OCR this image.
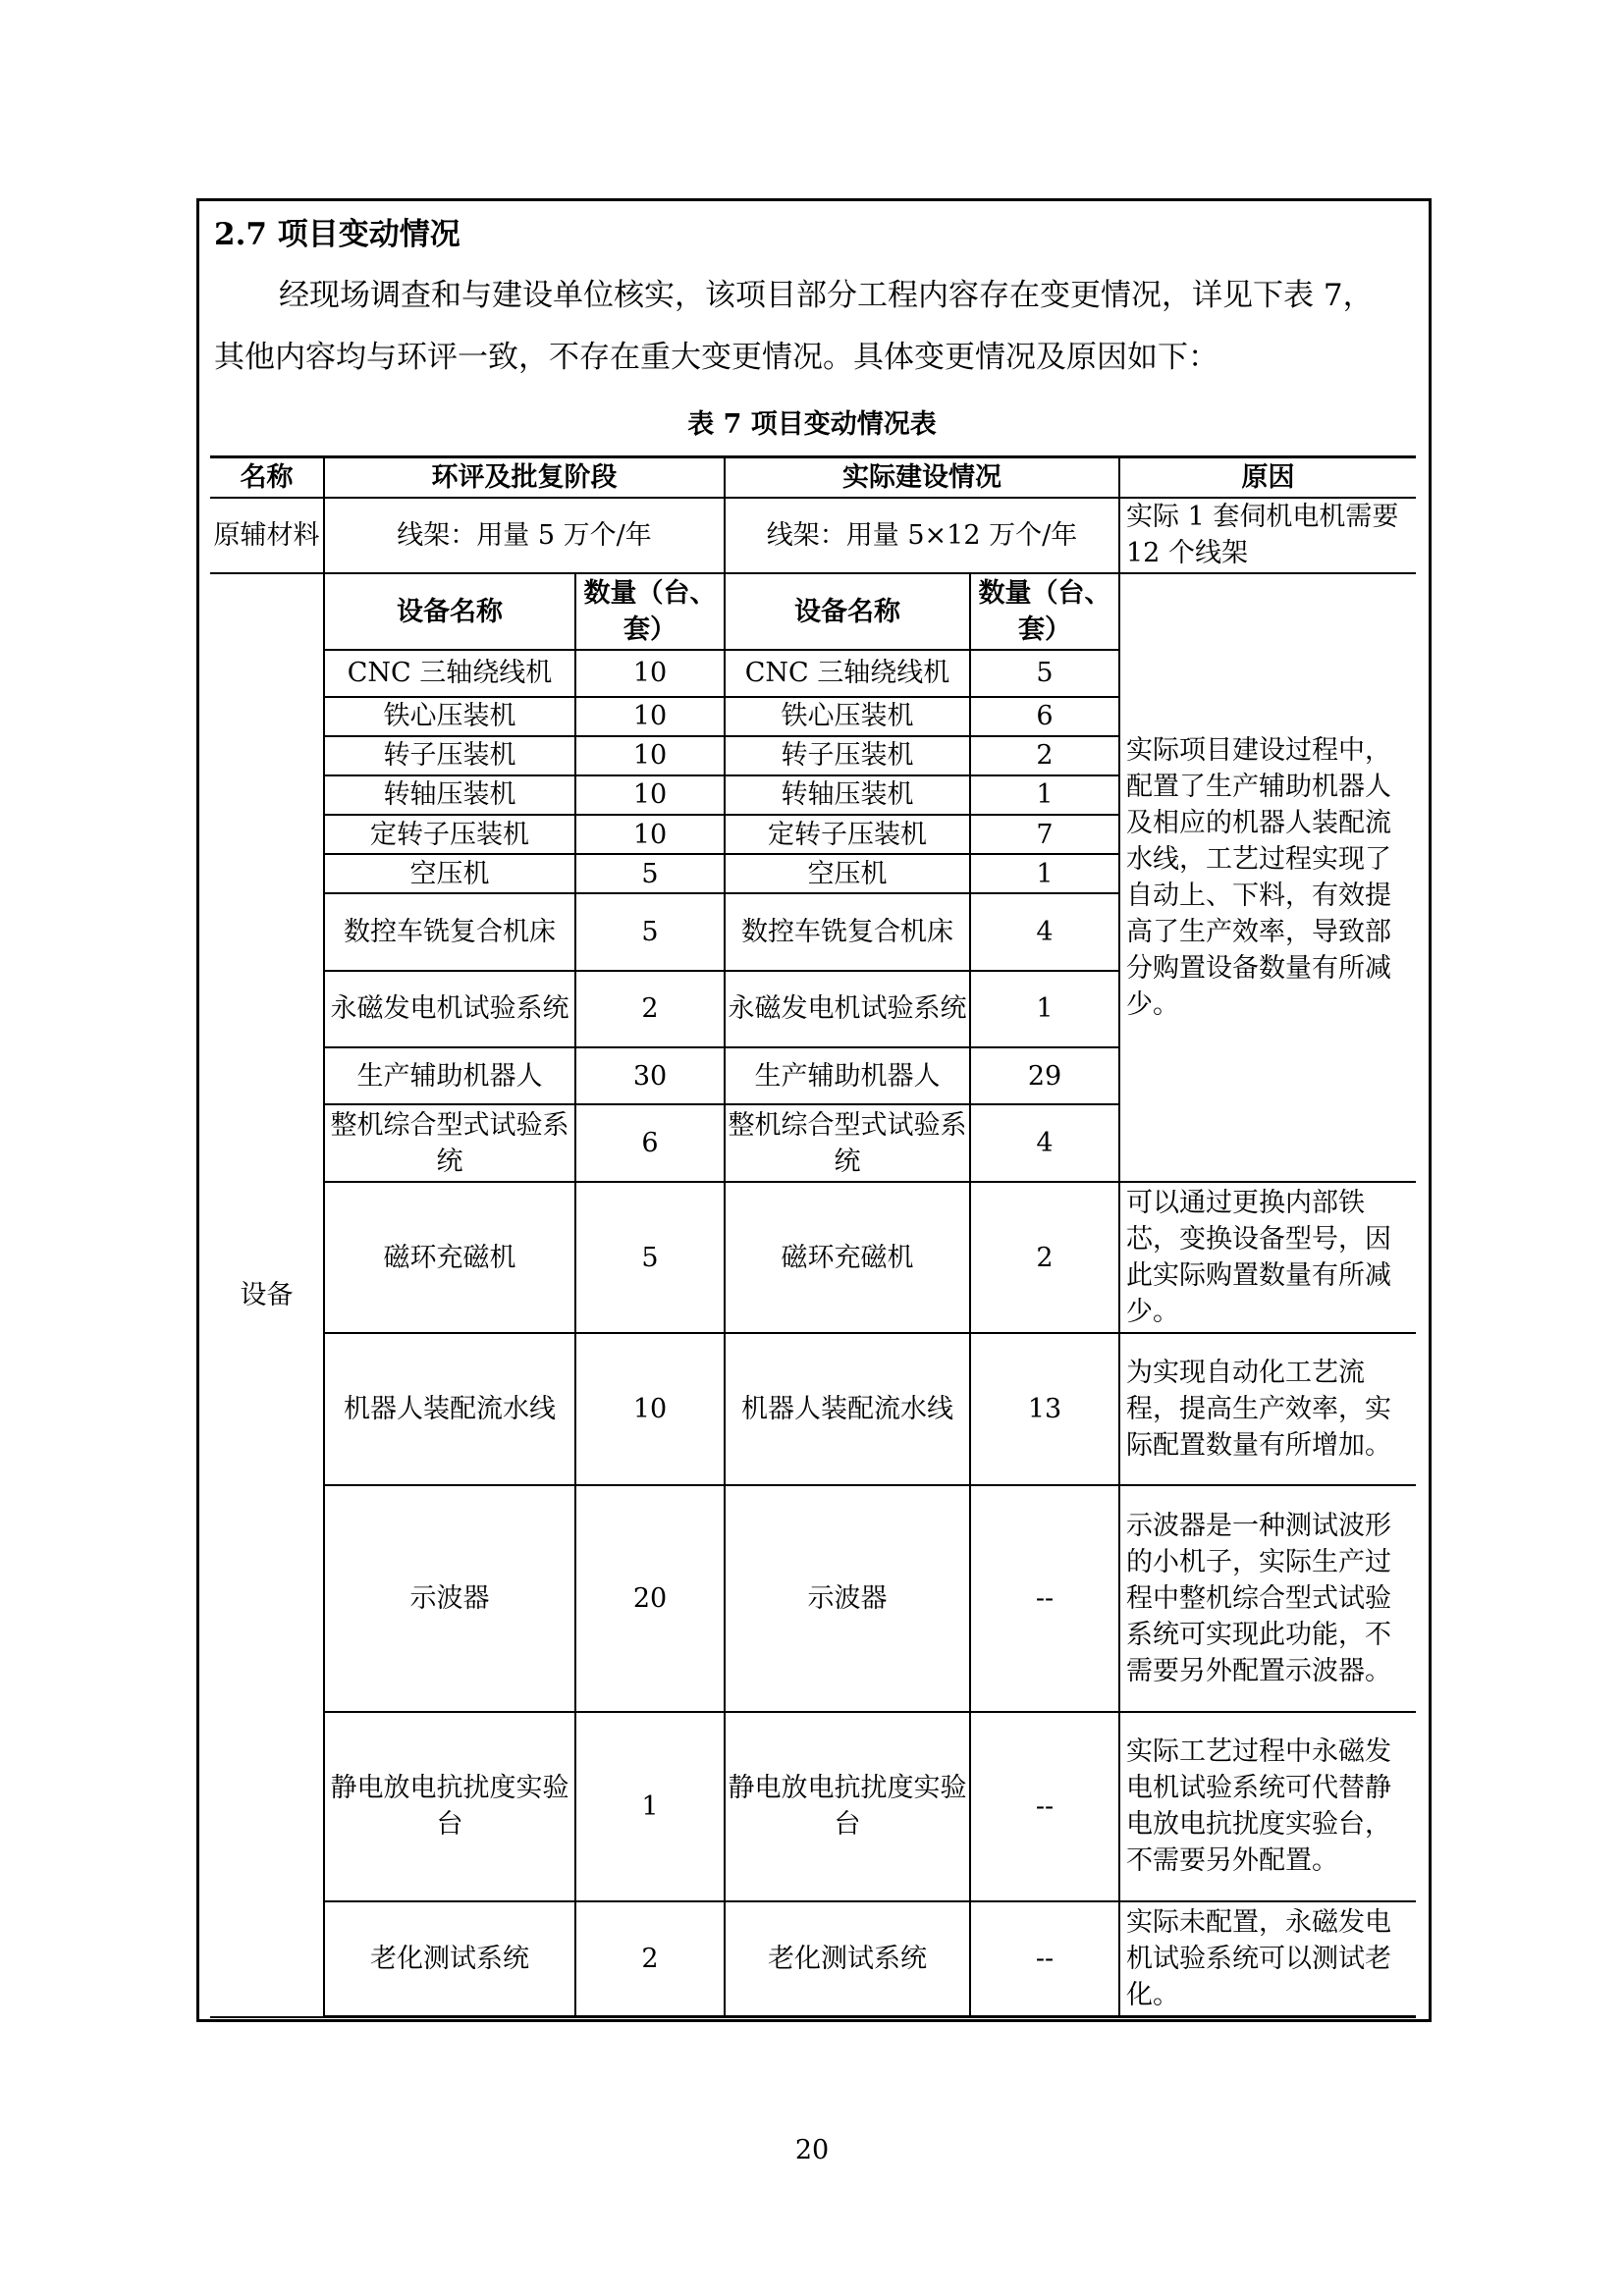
2.7 项目变动情况
经现场调查和与建设单位核实，该项目部分工程内容存在变更情况，详见下表 7，
其他内容均与环评一致，不存在重大变更情况。具体变更情况及原因如下：
表 7 项目变动情况表
名称	环评及批复阶段		实际建设情况		原因
原辅材料	线架：用量 5 万个/年		线架：用量 5×12 万个/年		实际 1 套伺机电机需要 12 个线架
设备	设备名称	数量（台、套）	设备名称	数量（台、套）	实际项目建设过程中，配置了生产辅助机器人及相应的机器人装配流水线，工艺过程实现了自动上、下料，有效提高了生产效率，导致部分购置设备数量有所减少。
	CNC 三轴绕线机	10	CNC 三轴绕线机	5	
	铁心压装机	10	铁心压装机	6	
	转子压装机	10	转子压装机	2	
	转轴压装机	10	转轴压装机	1	
	定转子压装机	10	定转子压装机	7	
	空压机	5	空压机	1	
	数控车铣复合机床	5	数控车铣复合机床	4	
	永磁发电机试验系统	2	永磁发电机试验系统	1	
	生产辅助机器人	30	生产辅助机器人	29	
	整机综合型式试验系统	6	整机综合型式试验系统	4	
	磁环充磁机	5	磁环充磁机	2	可以通过更换内部铁芯，变换设备型号，因此实际购置数量有所减少。
	机器人装配流水线	10	机器人装配流水线	13	为实现自动化工艺流程，提高生产效率，实际配置数量有所增加。
	示波器	20	示波器	--	示波器是一种测试波形的小机子，实际生产过程中整机综合型式试验系统可实现此功能，不需要另外配置示波器。
	静电放电抗扰度实验台	1	静电放电抗扰度实验台	--	实际工艺过程中永磁发电机试验系统可代替静电放电抗扰度实验台，不需要另外配置。
	老化测试系统	2	老化测试系统	--	实际未配置，永磁发电机试验系统可以测试老化。
20
